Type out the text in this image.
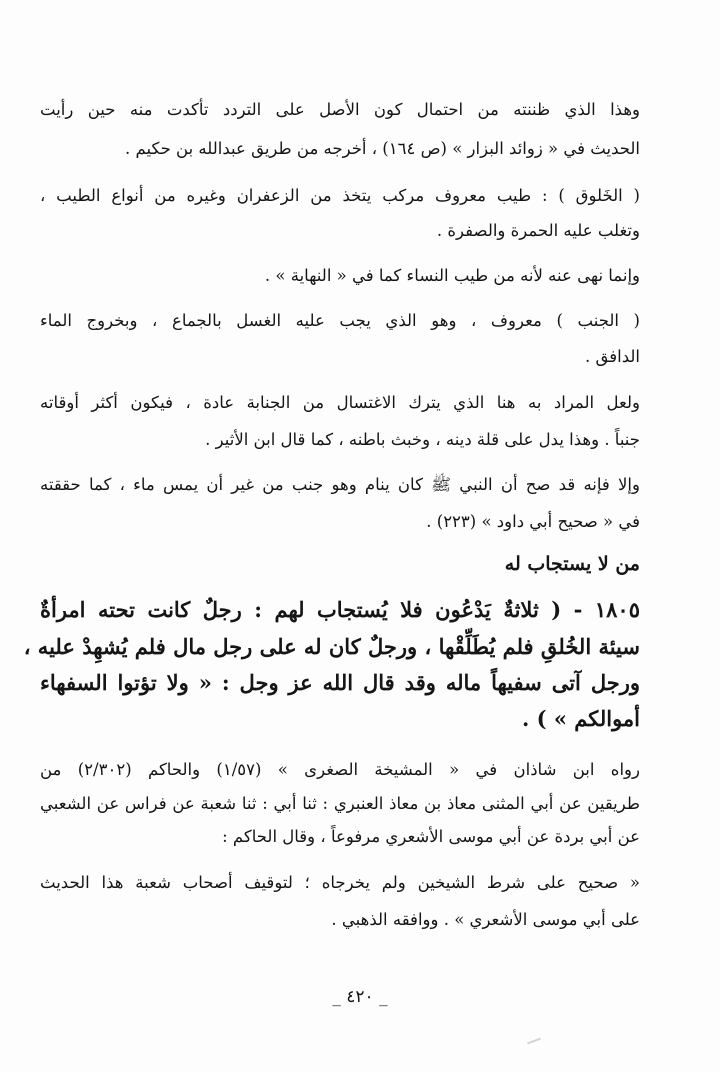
وهذا الذي ظننته من احتمال كون الأصل على التردد تأكدت منه حين رأيت
الحديث في « زوائد البزار » (ص ١٦٤) ، أخرجه من طريق عبدالله بن حكيم .
( الخَلوق ) : طيب معروف مركب يتخذ من الزعفران وغيره من أنواع الطيب ،
وتغلب عليه الحمرة والصفرة .
وإنما نهى عنه لأنه من طيب النساء كما في « النهاية » .
( الجنب ) معروف ، وهو الذي يجب عليه الغسل بالجماع ، وبخروج الماء
الدافق .
ولعل المراد به هنا الذي يترك الاغتسال من الجنابة عادة ، فيكون أكثر أوقاته
جنباً . وهذا يدل على قلة دينه ، وخبث باطنه ، كما قال ابن الأثير .
وإلا فإنه قد صح أن النبي ﷺ كان ينام وهو جنب من غير أن يمس ماء ، كما حققته
في « صحيح أبي داود » (٢٢٣) .
من لا يستجاب له
١٨٠٥ - ( ثلاثةٌ يَدْعُون فلا يُستجاب لهم : رجلٌ كانت تحته امرأةٌ
سيئة الخُلقِ فلم يُطَلِّقْها ، ورجلٌ كان له على رجل مال فلم يُشهِدْ عليه ،
ورجل آتى سفيهاً ماله وقد قال الله عز وجل : « ولا تؤتوا السفهاء
أموالكم » ) .
رواه ابن شاذان في « المشيخة الصغرى » (١/٥٧) والحاكم (٢/٣٠٢) من
طريقين عن أبي المثنى معاذ بن معاذ العنبري : ثنا أبي : ثنا شعبة عن فراس عن الشعبي
عن أبي بردة عن أبي موسى الأشعري مرفوعاً ، وقال الحاكم :
« صحيح على شرط الشيخين ولم يخرجاه ؛ لتوقيف أصحاب شعبة هذا الحديث
على أبي موسى الأشعري » . ووافقه الذهبي .
_ ٤٢٠ _
